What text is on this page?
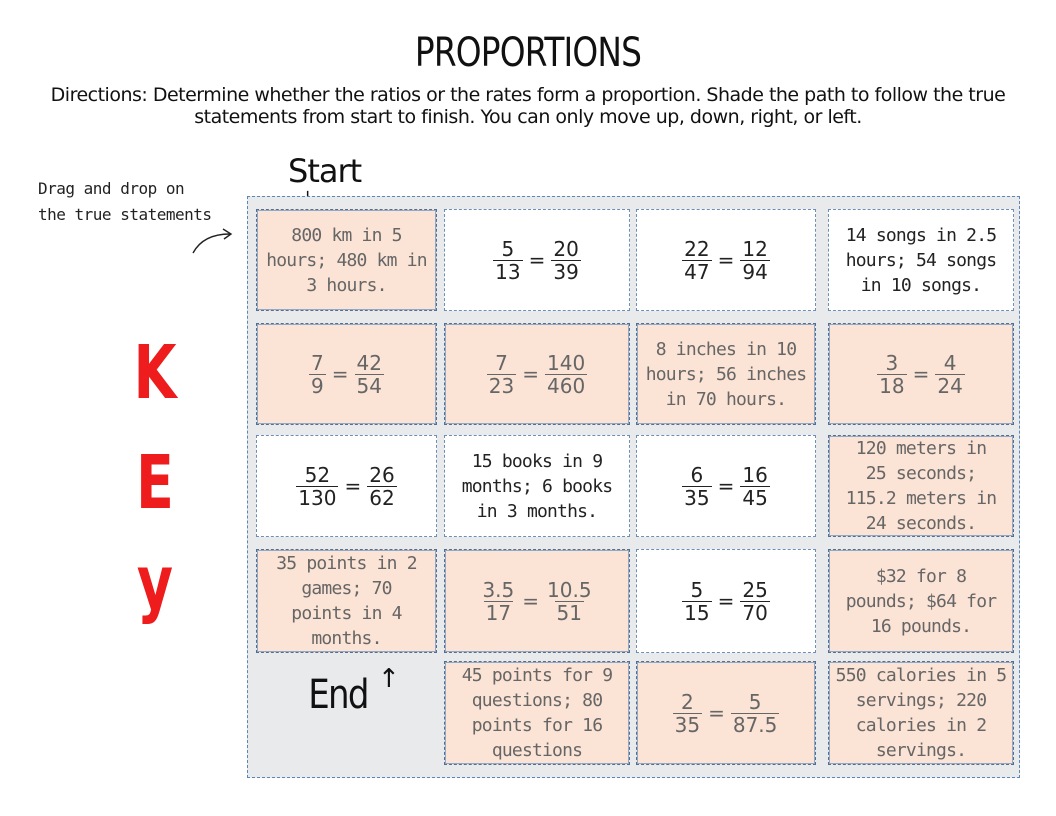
PROPORTIONS
Directions: Determine whether the ratios or the rates form a proportion. Shade the path to follow the true statements from start to finish. You can only move up, down, right, or left.
Drag and drop on
the true statements
Start
K
E
y
800 km in 5
hours; 480 km in
3 hours.
$\frac{5}{13} = \frac{20}{39}$	$\frac{22}{47} = \frac{12}{94}$
14 songs in 2.5
hours; 54 songs
in 10 songs.
$\frac{7}{9} = \frac{42}{54}$	$\frac{7}{23} = \frac{140}{460}$
8 inches in 10
hours; 56 inches
in 70 hours.
$\frac{3}{18} = \frac{4}{24}$
$\frac{52}{130} = \frac{26}{62}$
15 books in 9
months; 6 books
in 3 months.
$\frac{6}{35} = \frac{16}{45}$
120 meters in
25 seconds;
115.2 meters in
24 seconds.
35 points in 2
games; 70
points in 4
months.
$\frac{3.5}{17} = \frac{10.5}{51}$	$\frac{5}{15} = \frac{25}{70}$
$32 for 8
pounds; $64 for
16 pounds.
45 points for 9
questions; 80
points for 16
questions
$\frac{2}{35} = \frac{5}{87.5}$
550 calories in 5
servings; 220
calories in 2
servings.
End ↑
